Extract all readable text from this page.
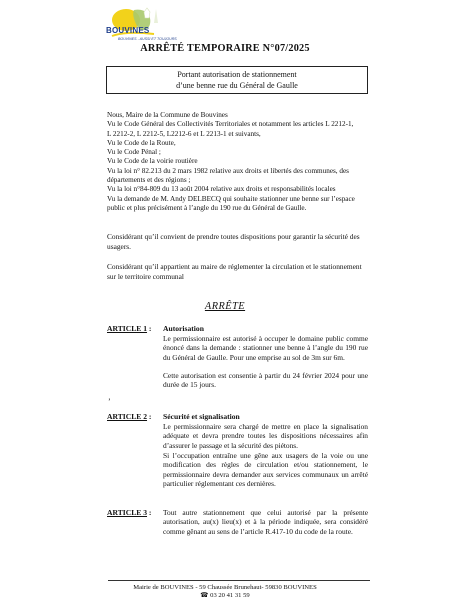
BOUVINES
BOUVINES - AUSSI ET TOUJOURS
ARRÊTÉ TEMPORAIRE N°07/2025
Portant autorisation de stationnement
d’une benne rue du Général de Gaulle
Nous, Maire de la Commune de Bouvines
Vu le Code Général des Collectivités Territoriales et notamment les articles L 2212-1,
L 2212-2, L 2212-5, L2212-6 et L 2213-1 et suivants,
Vu le Code de la Route,
Vu le Code Pénal ;
Vu le Code de la voirie routière
Vu la loi n° 82.213 du 2 mars 1982 relative aux droits et libertés des communes, des
départements et des régions ;
Vu la loi n°84-809 du 13 août 2004 relative aux droits et responsabilités locales
Vu la demande de M. Andy DELBECQ qui souhaite stationner une benne sur l’espace
public et plus précisément à l’angle du 190 rue du Général de Gaulle.
Considérant qu’il convient de prendre toutes dispositions pour garantir la sécurité des usagers.
Considérant qu’il appartient au maire de réglementer la circulation et le stationnement sur le territoire communal
ARRÊTE
ARTICLE 1 : Autorisation
Le permissionnaire est autorisé à occuper le domaine public comme énoncé dans la demande : stationner une benne à l’angle du 190 rue du Général de Gaulle. Pour une emprise au sol de 3m sur 6m.
Cette autorisation est consentie à partir du 24 février 2024 pour une durée de 15 jours.
ʼ
ARTICLE 2 : Sécurité et signalisation
Le permissionnaire sera chargé de mettre en place la signalisation adéquate et devra prendre toutes les dispositions nécessaires afin d’assurer le passage et la sécurité des piétons.
Si l’occupation entraîne une gêne aux usagers de la voie ou une modification des règles de circulation et/ou stationnement, le permissionnaire devra demander aux services communaux un arrêté particulier réglementant ces dernières.
ARTICLE 3 : Tout autre stationnement que celui autorisé par la présente autorisation, au(x) lieu(x) et à la période indiquée, sera considéré comme gênant au sens de l’article R.417-10 du code de la route.
Mairie de BOUVINES - 59 Chaussée Brunehaut- 59830 BOUVINES
☎ 03 20 41 31 59
